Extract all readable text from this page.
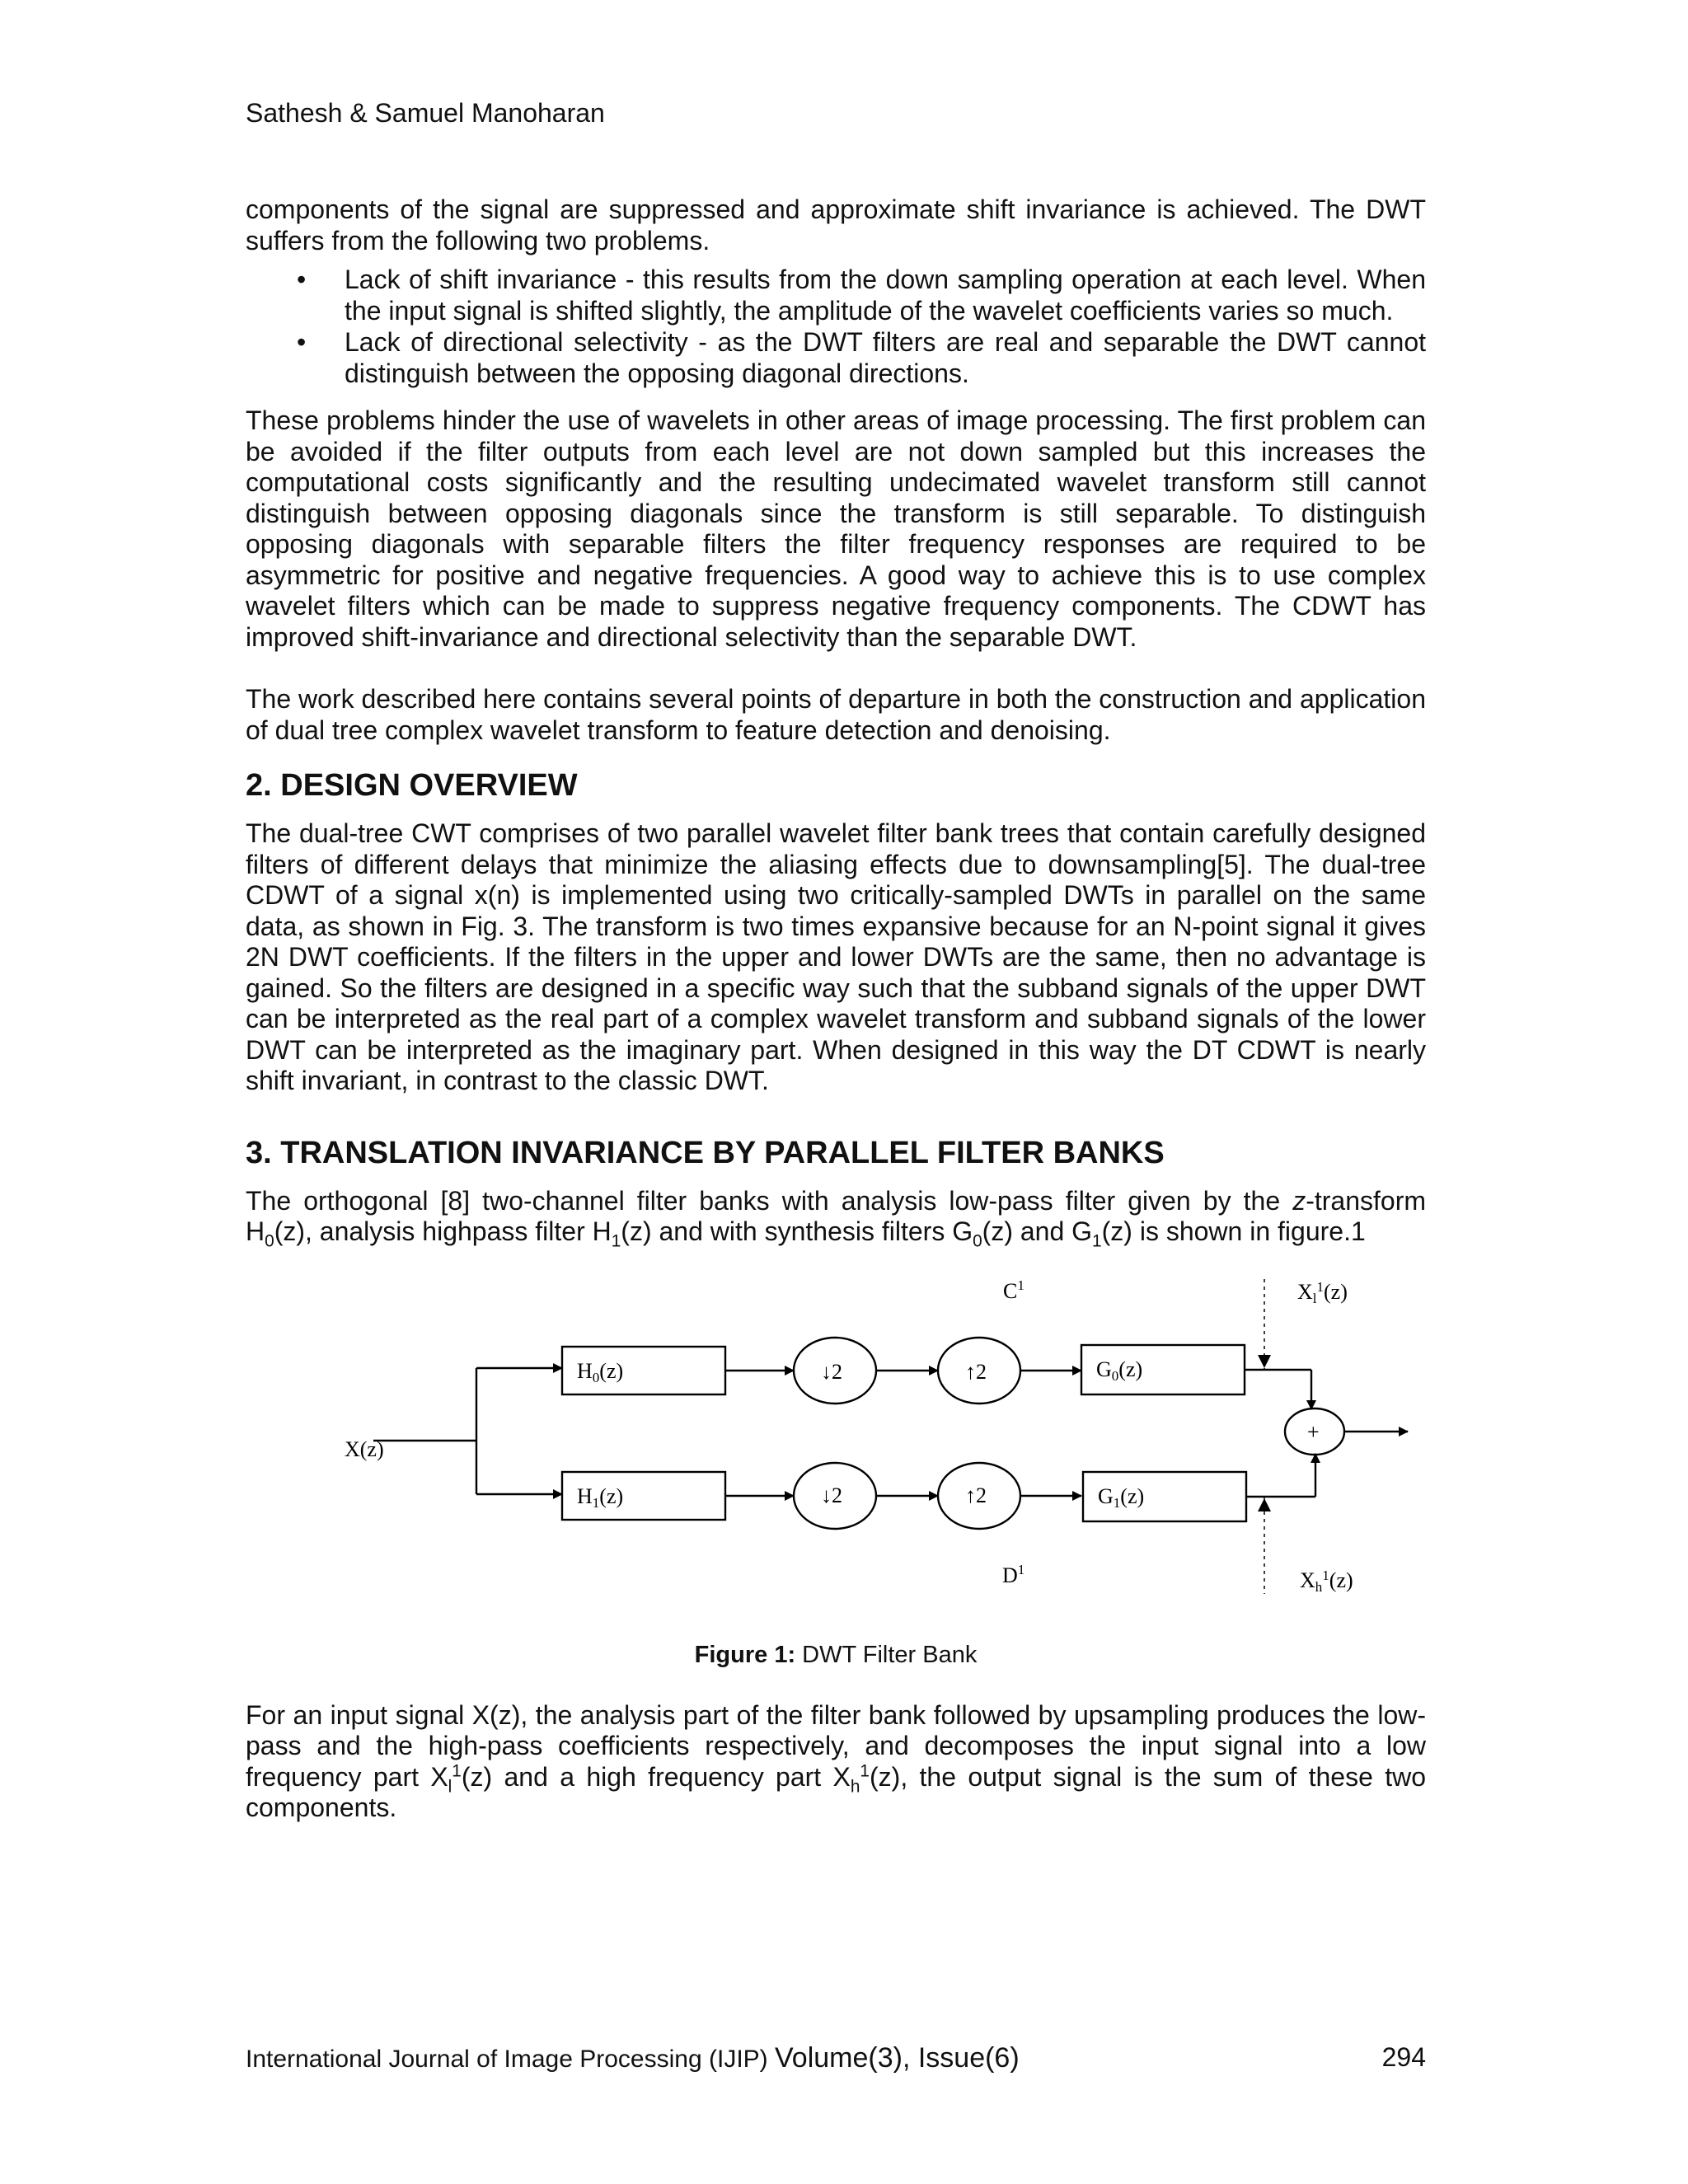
Sathesh & Samuel Manoharan

components of the signal are suppressed and approximate shift invariance is achieved. The DWT suffers from the following two problems.

• Lack of shift invariance - this results from the down sampling operation at each level. When the input signal is shifted slightly, the amplitude of the wavelet coefficients varies so much.
• Lack of directional selectivity - as the DWT filters are real and separable the DWT cannot distinguish between the opposing diagonal directions.

These problems hinder the use of wavelets in other areas of image processing. The first problem can be avoided if the filter outputs from each level are not down sampled but this increases the computational costs significantly and the resulting undecimated wavelet transform still cannot distinguish between opposing diagonals since the transform is still separable. To distinguish opposing diagonals with separable filters the filter frequency responses are required to be asymmetric for positive and negative frequencies. A good way to achieve this is to use complex wavelet filters which can be made to suppress negative frequency components. The CDWT has improved shift-invariance and directional selectivity than the separable DWT.

The work described here contains several points of departure in both the construction and application of dual tree complex wavelet transform to feature detection and denoising.

2. DESIGN OVERVIEW

The dual-tree CWT comprises of two parallel wavelet filter bank trees that contain carefully designed filters of different delays that minimize the aliasing effects due to downsampling[5]. The dual-tree CDWT of a signal x(n) is implemented using two critically-sampled DWTs in parallel on the same data, as shown in Fig. 3. The transform is two times expansive because for an N-point signal it gives 2N DWT coefficients. If the filters in the upper and lower DWTs are the same, then no advantage is gained. So the filters are designed in a specific way such that the subband signals of the upper DWT can be interpreted as the real part of a complex wavelet transform and subband signals of the lower DWT can be interpreted as the imaginary part. When designed in this way the DT CDWT is nearly shift invariant, in contrast to the classic DWT.

3. TRANSLATION INVARIANCE BY PARALLEL FILTER BANKS

The orthogonal [8] two-channel filter banks with analysis low-pass filter given by the z-transform $H_0(z)$, analysis highpass filter $H_1(z)$ and with synthesis filters $G_0(z)$ and $G_1(z)$ is shown in figure.1

X(z)
H0(z)
H1(z)
G0(z)
G1(z)
↓2
↓2
↑2
↑2
$C^1$
$D^1$
Xl$^1$(z)
$Xh^1(z)$
+
Figure 1: DWT Filter Bank

For an input signal X(z), the analysis part of the filter bank followed by upsampling produces the low-pass and the high-pass coefficients respectively, and decomposes the input signal into a low frequency part $X_l^1(z)$ and a high frequency part $X_h^1(z)$, the output signal is the sum of these two components.

International Journal of Image Processing (IJIP) Volume(3), Issue(6)	294
